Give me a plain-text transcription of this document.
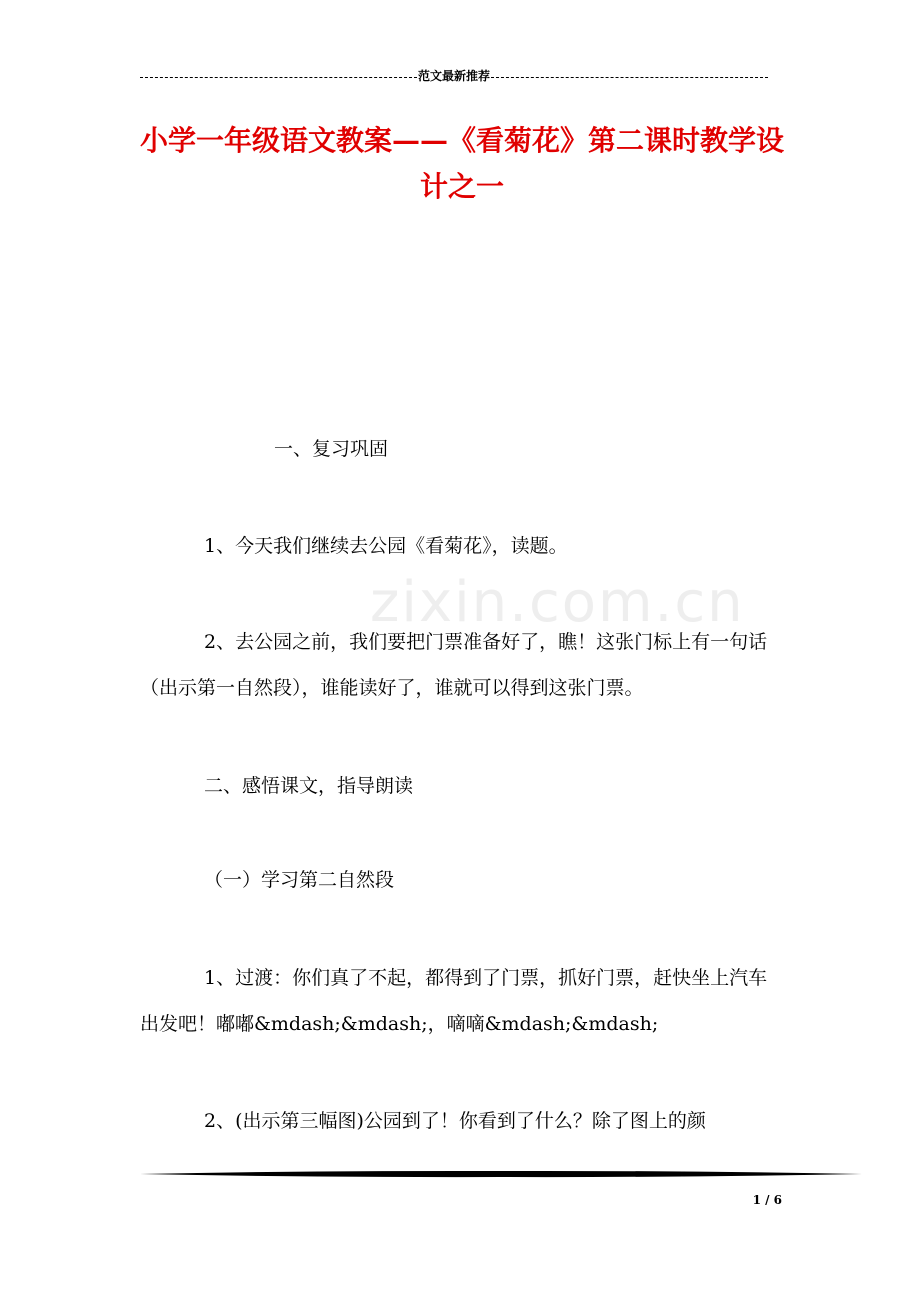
范文最新推荐
小学一年级语文教案——《看菊花》第二课时教学设计之一
zixin.com.cn

一、复习巩固

1、今天我们继续去公园《看菊花》，读题。

2、去公园之前，我们要把门票准备好了，瞧！这张门标上有一句话（出示第一自然段），谁能读好了，谁就可以得到这张门票。

二、感悟课文，指导朗读

（一）学习第二自然段

1、过渡：你们真了不起，都得到了门票，抓好门票，赶快坐上汽车出发吧！嘟嘟&mdash;&mdash;，嘀嘀&mdash;&mdash;

2、(出示第三幅图)公园到了！你看到了什么？除了图上的颜

1 / 6
